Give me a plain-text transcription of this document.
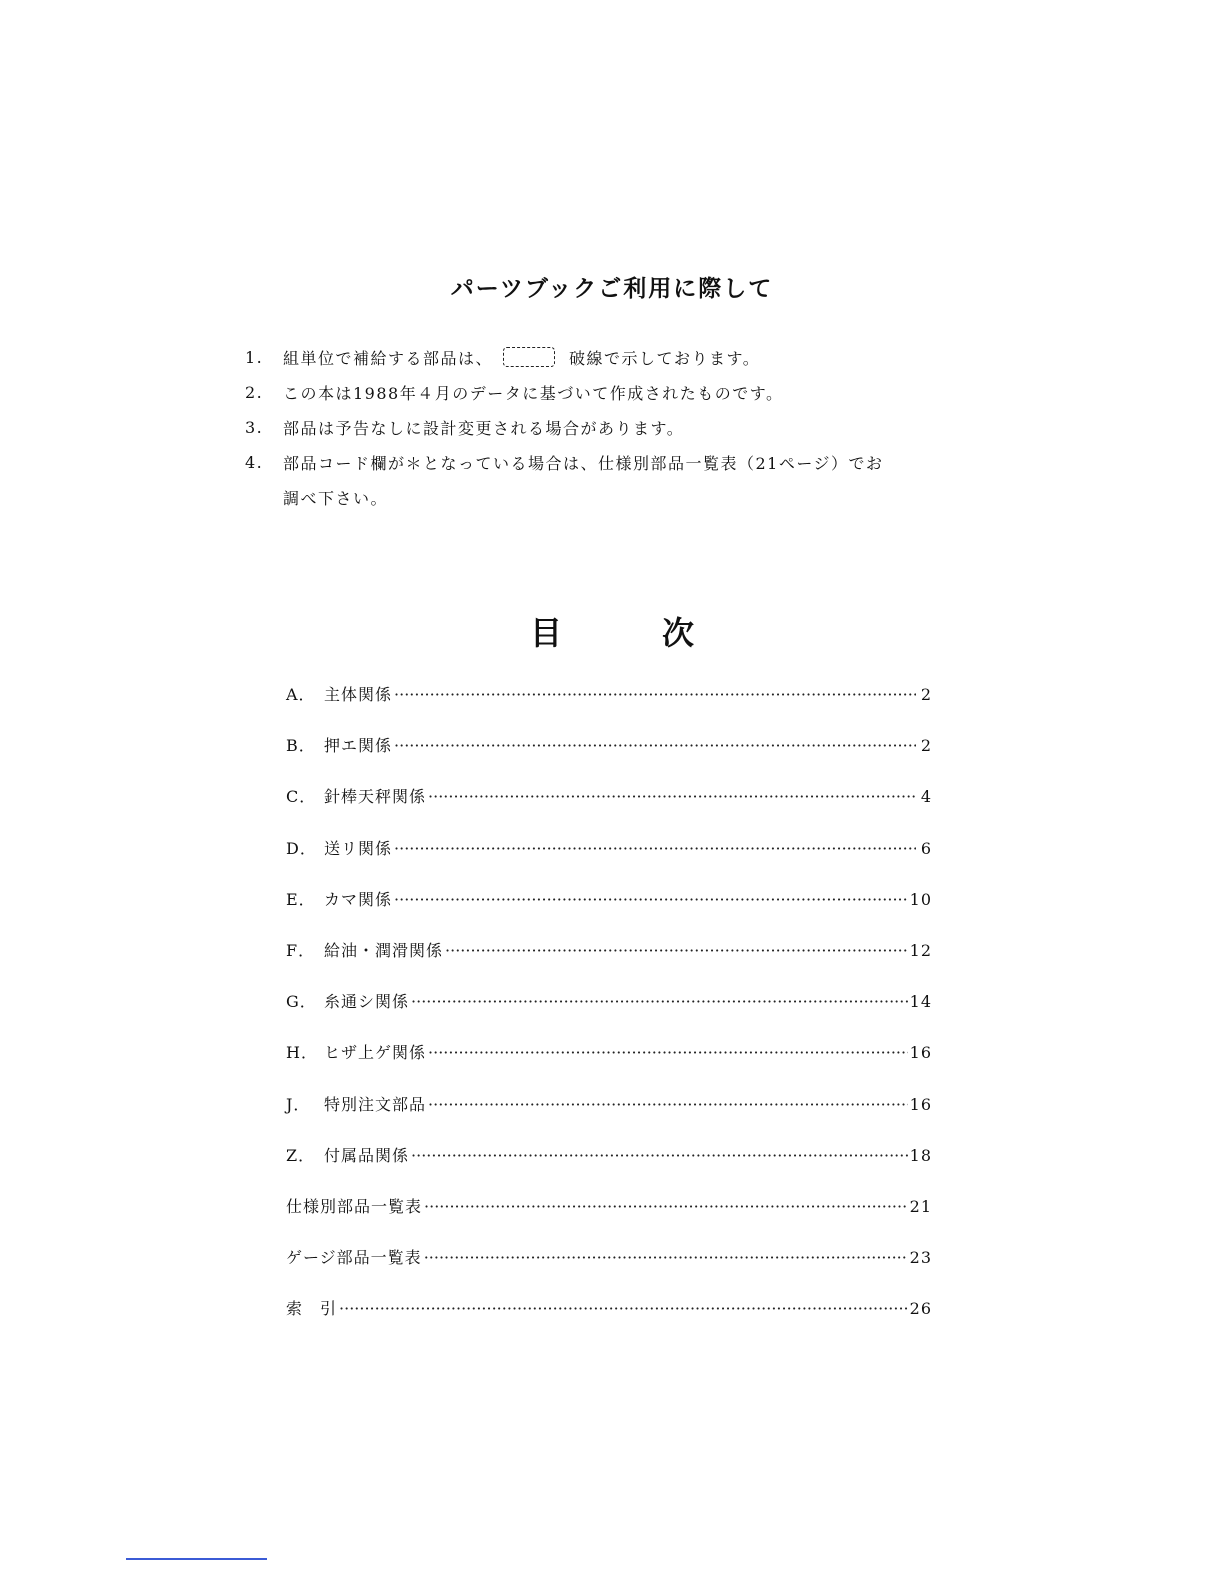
パーツブックご利用に際して
1.	組単位で補給する部品は、	破線で示しております。
2.	この本は1988年４月のデータに基づいて作成されたものです。
3.	部品は予告なしに設計変更される場合があります。
4.	部品コード欄が＊となっている場合は、仕様別部品一覧表（21ページ）でお
調べ下さい。
目	次
A． 主体関係 ·····	2
B． 押エ関係 ·····	2
C． 針棒天秤関係 ·····	4
D． 送リ関係 ·····	6
E． カマ関係 ·····	10
F． 給油・潤滑関係 ·····	12
G． 糸通シ関係 ·····	14
H． ヒザ上ゲ関係 ·····	16
J． 特別注文部品 ·····	16
Z． 付属品関係 ·····	18
仕様別部品一覧表 ·····	21
ゲージ部品一覧表 ·····	23
索　引 ·····	26
